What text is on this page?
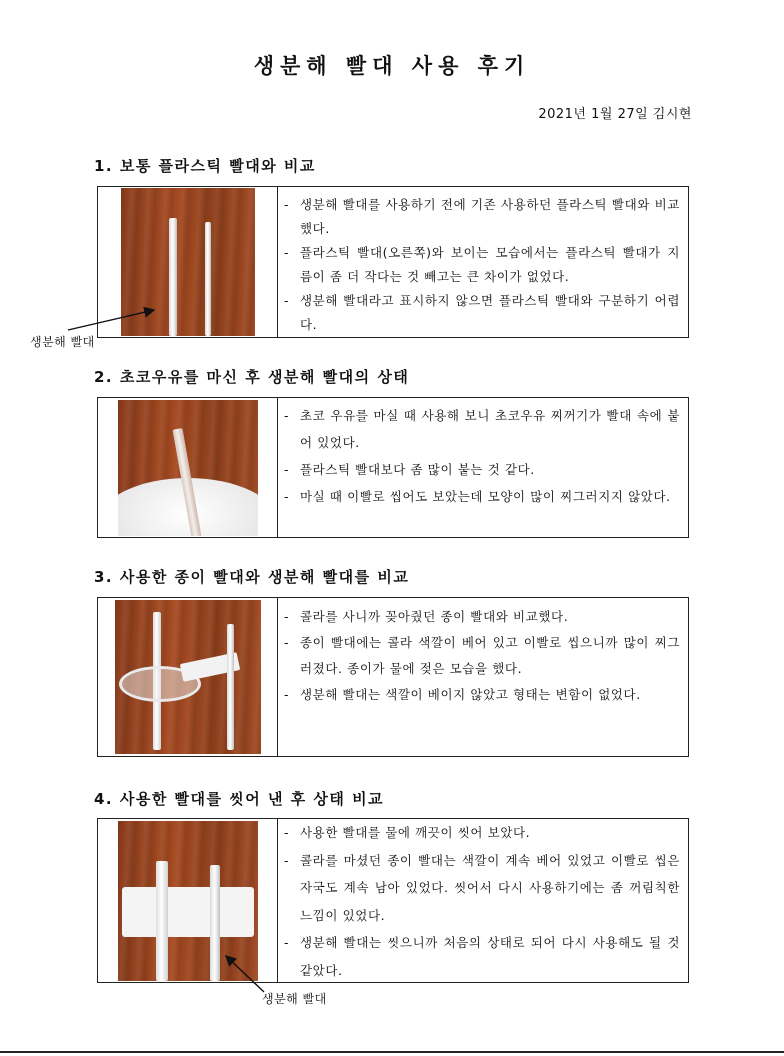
생분해 빨대 사용 후기
2021년 1월 27일 김시현
1. 보통 플라스틱 빨대와 비교
- 생분해 빨대를 사용하기 전에 기존 사용하던 플라스틱 빨대와 비교했다.
- 플라스틱 빨대(오른쪽)와 보이는 모습에서는 플라스틱 빨대가 지름이 좀 더 작다는 것 빼고는 큰 차이가 없었다.
- 생분해 빨대라고 표시하지 않으면 플라스틱 빨대와 구분하기 어렵다.
생분해 빨대
2. 초코우유를 마신 후 생분해 빨대의 상태
- 초코 우유를 마실 때 사용해 보니 초코우유 찌꺼기가 빨대 속에 붙어 있었다.
- 플라스틱 빨대보다 좀 많이 붙는 것 같다.
- 마실 때 이빨로 씹어도 보았는데 모양이 많이 찌그러지지 않았다.
3. 사용한 종이 빨대와 생분해 빨대를 비교
- 콜라를 사니까 꽂아줬던 종이 빨대와 비교했다.
- 종이 빨대에는 콜라 색깔이 베어 있고 이빨로 씹으니까 많이 찌그러졌다. 종이가 물에 젖은 모습을 했다.
- 생분해 빨대는 색깔이 베이지 않았고 형태는 변함이 없었다.
4. 사용한 빨대를 씻어 낸 후 상태 비교
- 사용한 빨대를 물에 깨끗이 씻어 보았다.
- 콜라를 마셨던 종이 빨대는 색깔이 계속 베어 있었고 이빨로 씹은 자국도 계속 남아 있었다. 씻어서 다시 사용하기에는 좀 꺼림칙한 느낌이 있었다.
- 생분해 빨대는 씻으니까 처음의 상태로 되어 다시 사용해도 될 것 같았다.
생분해 빨대
